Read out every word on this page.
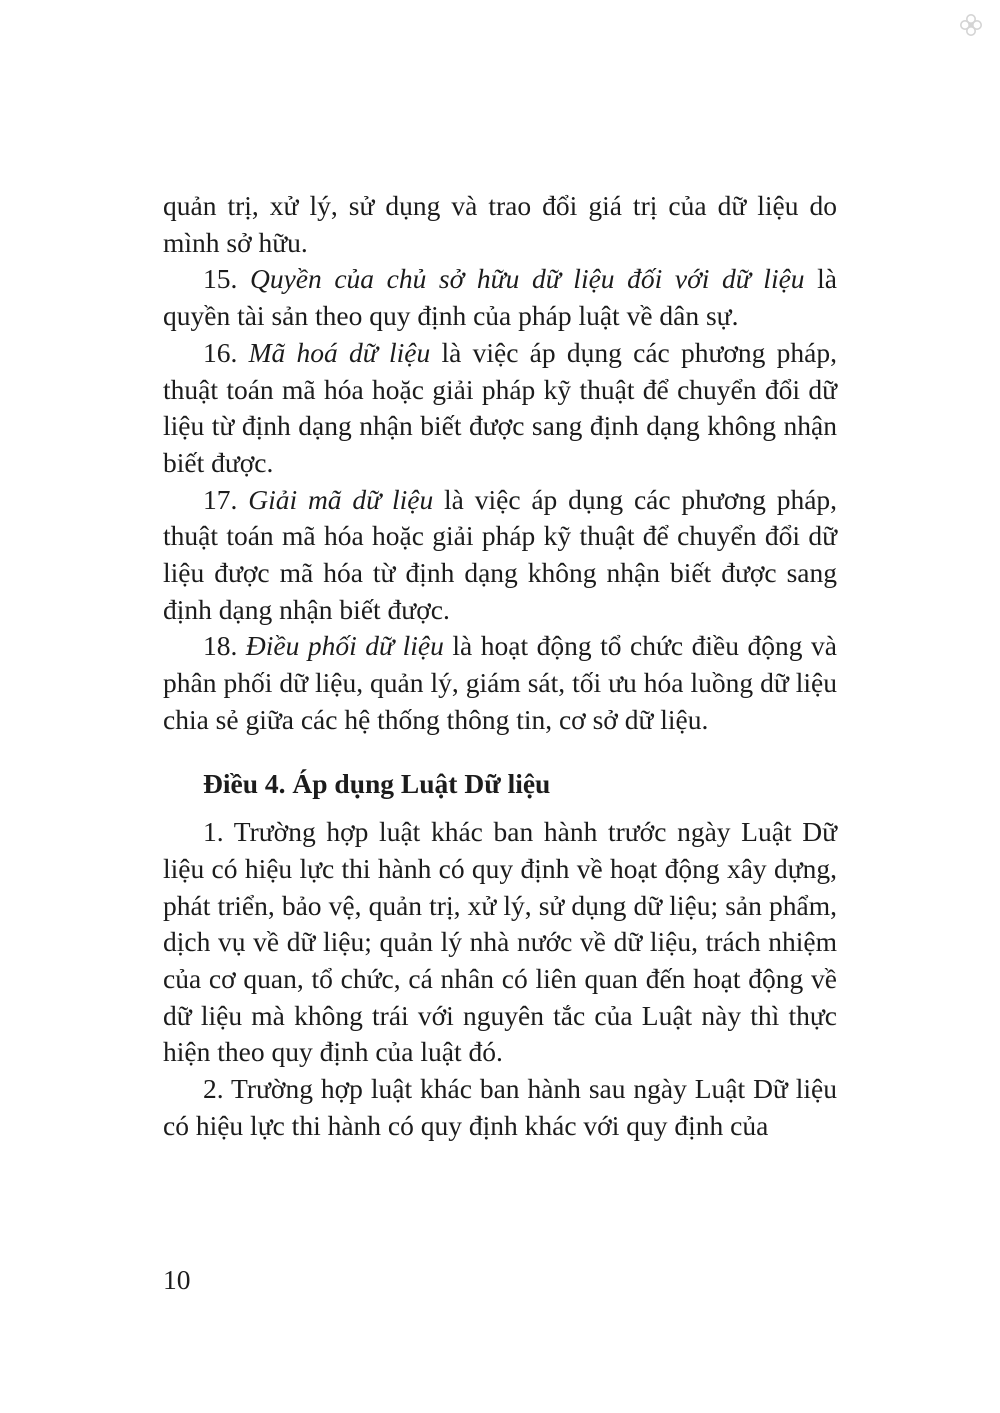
quản trị, xử lý, sử dụng và trao đổi giá trị của dữ liệu do mình sở hữu.

15. Quyền của chủ sở hữu dữ liệu đối với dữ liệu là quyền tài sản theo quy định của pháp luật về dân sự.

16. Mã hoá dữ liệu là việc áp dụng các phương pháp, thuật toán mã hóa hoặc giải pháp kỹ thuật để chuyển đổi dữ liệu từ định dạng nhận biết được sang định dạng không nhận biết được.

17. Giải mã dữ liệu là việc áp dụng các phương pháp, thuật toán mã hóa hoặc giải pháp kỹ thuật để chuyển đổi dữ liệu được mã hóa từ định dạng không nhận biết được sang định dạng nhận biết được.

18. Điều phối dữ liệu là hoạt động tổ chức điều động và phân phối dữ liệu, quản lý, giám sát, tối ưu hóa luồng dữ liệu chia sẻ giữa các hệ thống thông tin, cơ sở dữ liệu.

Điều 4. Áp dụng Luật Dữ liệu

1. Trường hợp luật khác ban hành trước ngày Luật Dữ liệu có hiệu lực thi hành có quy định về hoạt động xây dựng, phát triển, bảo vệ, quản trị, xử lý, sử dụng dữ liệu; sản phẩm, dịch vụ về dữ liệu; quản lý nhà nước về dữ liệu, trách nhiệm của cơ quan, tổ chức, cá nhân có liên quan đến hoạt động về dữ liệu mà không trái với nguyên tắc của Luật này thì thực hiện theo quy định của luật đó.

2. Trường hợp luật khác ban hành sau ngày Luật Dữ liệu có hiệu lực thi hành có quy định khác với quy định của

10
